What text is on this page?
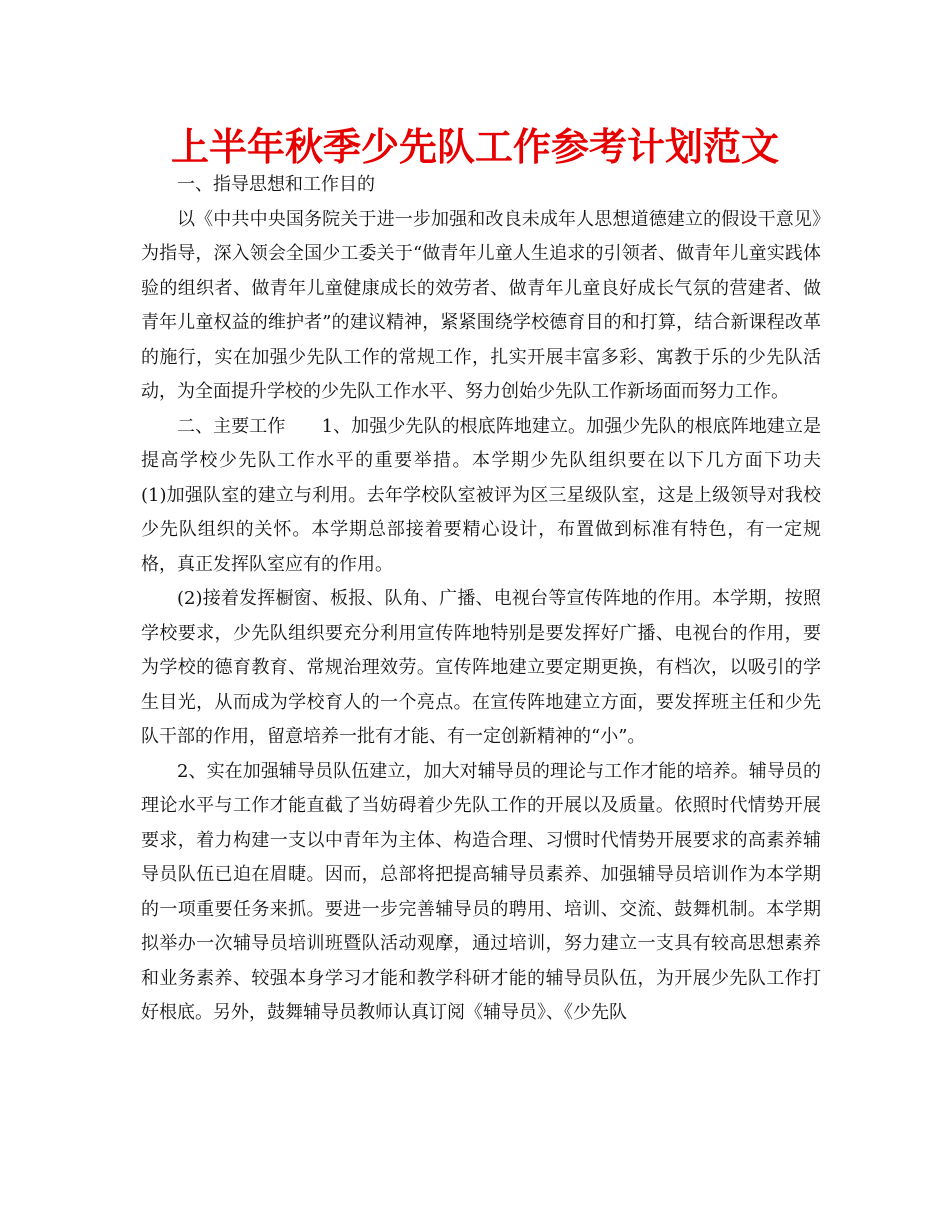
上半年秋季少先队工作参考计划范文

一、指导思想和工作目的

以《中共中央国务院关于进一步加强和改良未成年人思想道德建立的假设干意见》为指导，深入领会全国少工委关于“做青年儿童人生追求的引领者、做青年儿童实践体验的组织者、做青年儿童健康成长的效劳者、做青年儿童良好成长气氛的营建者、做青年儿童权益的维护者”的建议精神，紧紧围绕学校德育目的和打算，结合新课程改革的施行，实在加强少先队工作的常规工作，扎实开展丰富多彩、寓教于乐的少先队活动，为全面提升学校的少先队工作水平、努力创始少先队工作新场面而努力工作。

二、主要工作　　1、加强少先队的根底阵地建立。加强少先队的根底阵地建立是提高学校少先队工作水平的重要举措。本学期少先队组织要在以下几方面下功夫　　(1)加强队室的建立与利用。去年学校队室被评为区三星级队室，这是上级领导对我校少先队组织的关怀。本学期总部接着要精心设计，布置做到标准有特色，有一定规格，真正发挥队室应有的作用。

(2)接着发挥橱窗、板报、队角、广播、电视台等宣传阵地的作用。本学期，按照学校要求，少先队组织要充分利用宣传阵地特别是要发挥好广播、电视台的作用，要为学校的德育教育、常规治理效劳。宣传阵地建立要定期更换，有档次，以吸引的学生目光，从而成为学校育人的一个亮点。在宣传阵地建立方面，要发挥班主任和少先队干部的作用，留意培养一批有才能、有一定创新精神的“小”。

2、实在加强辅导员队伍建立，加大对辅导员的理论与工作才能的培养。辅导员的理论水平与工作才能直截了当妨碍着少先队工作的开展以及质量。依照时代情势开展要求，着力构建一支以中青年为主体、构造合理、习惯时代情势开展要求的高素养辅导员队伍已迫在眉睫。因而，总部将把提高辅导员素养、加强辅导员培训作为本学期的一项重要任务来抓。要进一步完善辅导员的聘用、培训、交流、鼓舞机制。本学期拟举办一次辅导员培训班暨队活动观摩，通过培训，努力建立一支具有较高思想素养和业务素养、较强本身学习才能和教学科研才能的辅导员队伍，为开展少先队工作打好根底。另外，鼓舞辅导员教师认真订阅《辅导员》、《少先队
